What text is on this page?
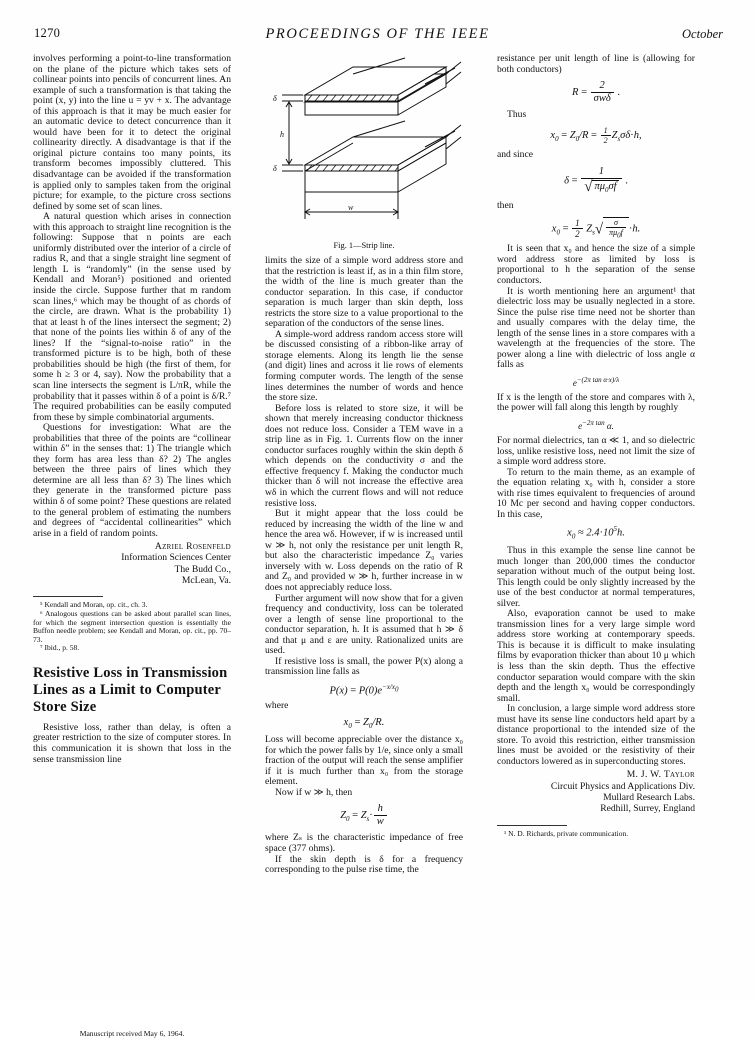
1270	PROCEEDINGS OF THE IEEE	October

involves performing a point-to-line transformation on the plane of the picture which takes sets of collinear points into pencils of concurrent lines. An example of such a transformation is that taking the point (x, y) into the line u = yv + x. The advantage of this approach is that it may be much easier for an automatic device to detect concurrence than it would have been for it to detect the original collinearity directly. A disadvantage is that if the original picture contains too many points, its transform becomes impossibly cluttered. This disadvantage can be avoided if the transformation is applied only to samples taken from the original picture; for example, to the picture cross sections defined by some set of scan lines.

A natural question which arises in connection with this approach to straight line recognition is the following: Suppose that n points are each uniformly distributed over the interior of a circle of radius R, and that a single straight line segment of length L is “randomly” (in the sense used by Kendall and Moran⁵) positioned and oriented inside the circle. Suppose further that m random scan lines,⁶ which may be thought of as chords of the circle, are drawn. What is the probability 1) that at least h of the lines intersect the segment; 2) that none of the points lies within δ of any of the lines? If the “signal-to-noise ratio” in the transformed picture is to be high, both of these probabilities should be high (the first of them, for some h ≥ 3 or 4, say). Now the probability that a scan line intersects the segment is L/πR, while the probability that it passes within δ of a point is δ/R.⁷ The required probabilities can be easily computed from these by simple combinatorial arguments.

Questions for investigation: What are the probabilities that three of the points are “collinear within δ” in the senses that: 1) The triangle which they form has area less than δ? 2) The angles between the three pairs of lines which they determine are all less than δ? 3) The lines which they generate in the transformed picture pass within δ of some point? These questions are related to the general problem of estimating the numbers and degrees of “accidental collinearities” which arise in a field of random points.

Azriel Rosenfeld
Information Sciences Center
The Budd Co.,
McLean, Va.

⁵ Kendall and Moran, op. cit., ch. 3.

⁶ Analogous questions can be asked about parallel scan lines, for which the segment intersection question is essentially the Buffon needle problem; see Kendall and Moran, op. cit., pp. 70–73.

⁷ Ibid., p. 58.

Resistive Loss in Transmission Lines as a Limit to Computer Store Size

Resistive loss, rather than delay, is often a greater restriction to the size of computer stores. In this communication it is shown that loss in the sense transmission line

Manuscript received May 6, 1964.
δ
h
δ
w
Fig. 1—Strip line.

limits the size of a simple word address store and that the restriction is least if, as in a thin film store, the width of the line is much greater than the conductor separation. In this case, if conductor separation is much larger than skin depth, loss restricts the store size to a value proportional to the separation of the conductors of the sense lines.

A simple-word address random access store will be discussed consisting of a ribbon-like array of storage elements. Along its length lie the sense (and digit) lines and across it lie rows of elements forming computer words. The length of the sense lines determines the number of words and hence the store size.

Before loss is related to store size, it will be shown that merely increasing conductor thickness does not reduce loss. Consider a TEM wave in a strip line as in Fig. 1. Currents flow on the inner conductor surfaces roughly within the skin depth δ which depends on the conductivity σ and the effective frequency f. Making the conductor much thicker than δ will not increase the effective area wδ in which the current flows and will not reduce resistive loss.

But it might appear that the loss could be reduced by increasing the width of the line w and hence the area wδ. However, if w is increased until w ≫ h, not only the resistance per unit length R, but also the characteristic impedance Z₀ varies inversely with w. Loss depends on the ratio of R and Z₀ and provided w ≫ h, further increase in w does not appreciably reduce loss.

Further argument will now show that for a given frequency and conductivity, loss can be tolerated over a length of sense line proportional to the conductor separation, h. It is assumed that h ≫ δ and that μ and ε are unity. Rationalized units are used.

If resistive loss is small, the power P(x) along a transmission line falls as

$P(x) = P(0)e^{-x/x_0}$

where

$x_0 = Z_0/R$.

Loss will become appreciable over the distance x₀ for which the power falls by 1/e, since only a small fraction of the output will reach the sense amplifier if it is much further than x₀ from the storage element.

Now if w ≫ h, then

$Z_0 = Z_s\cdot \frac{h}{w}$

where Zₛ is the characteristic impedance of free space (377 ohms).

If the skin depth is δ for a frequency corresponding to the pulse rise time, the

resistance per unit length of line is (allowing for both conductors)

$R = \frac{2}{\text{σwδ}}$ .

Thus

$x_0 = Z_0/R = \frac{1}{2} Z_s\sigma\delta\cdot h$,

and since

$\delta = \frac{1}{√ \pi\mu_0\sigma f}$ .

then

$x_0 = \frac{1}{2} Z_s√ \frac{\sigma}{\pi\mu_0f} \cdot h$.

It is seen that x₀ and hence the size of a simple word address store as limited by loss is proportional to h the separation of the sense conductors.

It is worth mentioning here an argument¹ that dielectric loss may be usually neglected in a store. Since the pulse rise time need not be shorter than and usually compares with the delay time, the length of the sense lines in a store compares with a wavelength at the frequencies of the store. The power along a line with dielectric of loss angle α falls as

$e^{-(2\pi tan \alpha\cdot x)/\lambda}$

If x is the length of the store and compares with λ, the power will fall along this length by roughly

$e^{-2\pi tan}$ α.

For normal dielectrics, tan α ≪ 1, and so dielectric loss, unlike resistive loss, need not limit the size of a simple word address store.

To return to the main theme, as an example of the equation relating x₀ with h, consider a store with rise times equivalent to frequencies of around 10 Mc per second and having copper conductors. In this case,

$x_0 \approx 2.4\cdot 10^5h$.

Thus in this example the sense line cannot be much longer than 200,000 times the conductor separation without much of the output being lost. This length could be only slightly increased by the use of the best conductor at normal temperatures, silver.

Also, evaporation cannot be used to make transmission lines for a very large simple word address store working at contemporary speeds. This is because it is difficult to make insulating films by evaporation thicker than about 10 μ which is less than the skin depth. Thus the effective conductor separation would compare with the skin depth and the length x₀ would be correspondingly small.

In conclusion, a large simple word address store must have its sense line conductors held apart by a distance proportional to the intended size of the store. To avoid this restriction, either transmission lines must be avoided or the resistivity of their conductors lowered as in superconducting stores.

M. J. W. Taylor
Circuit Physics and Applications Div.
Mullard Research Labs.
Redhill, Surrey, England

¹ N. D. Richards, private communication.
